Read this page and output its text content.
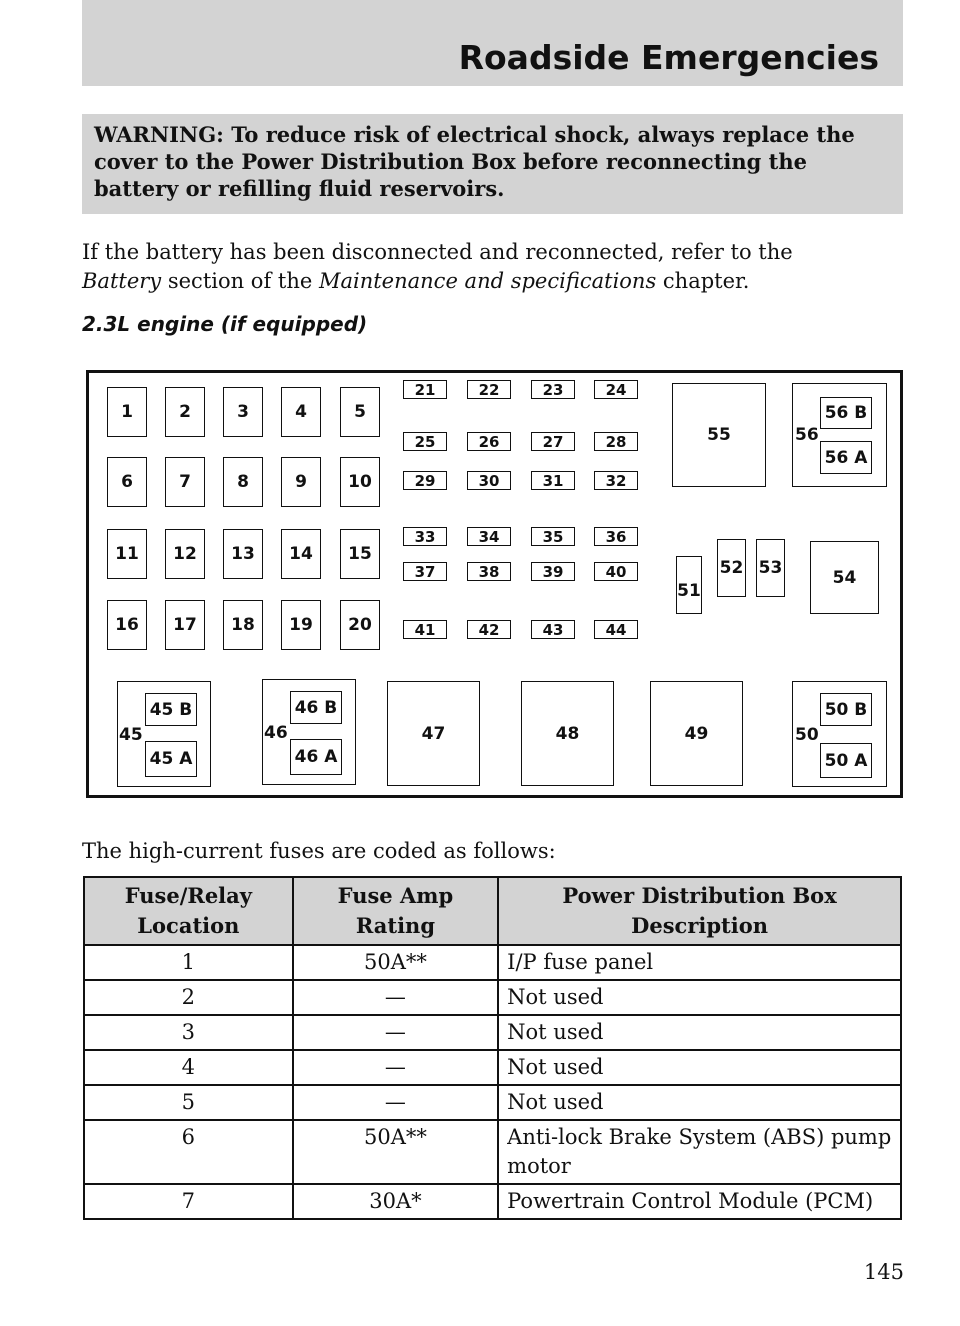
Roadside Emergencies
WARNING: To reduce risk of electrical shock, always replace the cover to the Power Distribution Box before reconnecting the battery or refilling fluid reservoirs.
If the battery has been disconnected and reconnected, refer to the
Battery section of the Maintenance and specifications chapter.
2.3L engine (if equipped)
55	56
56 B
56 A
51
52 53	54
45
45 B
45 A
46
46 B
46 A
47	48	49	50
50 B
50 A
1	2	3	4	5
6	7	8	9	10
11	12	13	14	15
16	17	18	19	20
21	22	23	24
25	26	27	28
29	30	31	32
33	34	35	36
37	38	39	40
41	42	43	44
The high-current fuses are coded as follows:
Fuse/Relay Location	Fuse Amp Rating	Power Distribution Box Description
1	50A**	I/P fuse panel
2	—	Not used
3	—	Not used
4	—	Not used
5	—	Not used
6	50A**	Anti-lock Brake System (ABS) pump motor
7	30A*	Powertrain Control Module (PCM)
145
